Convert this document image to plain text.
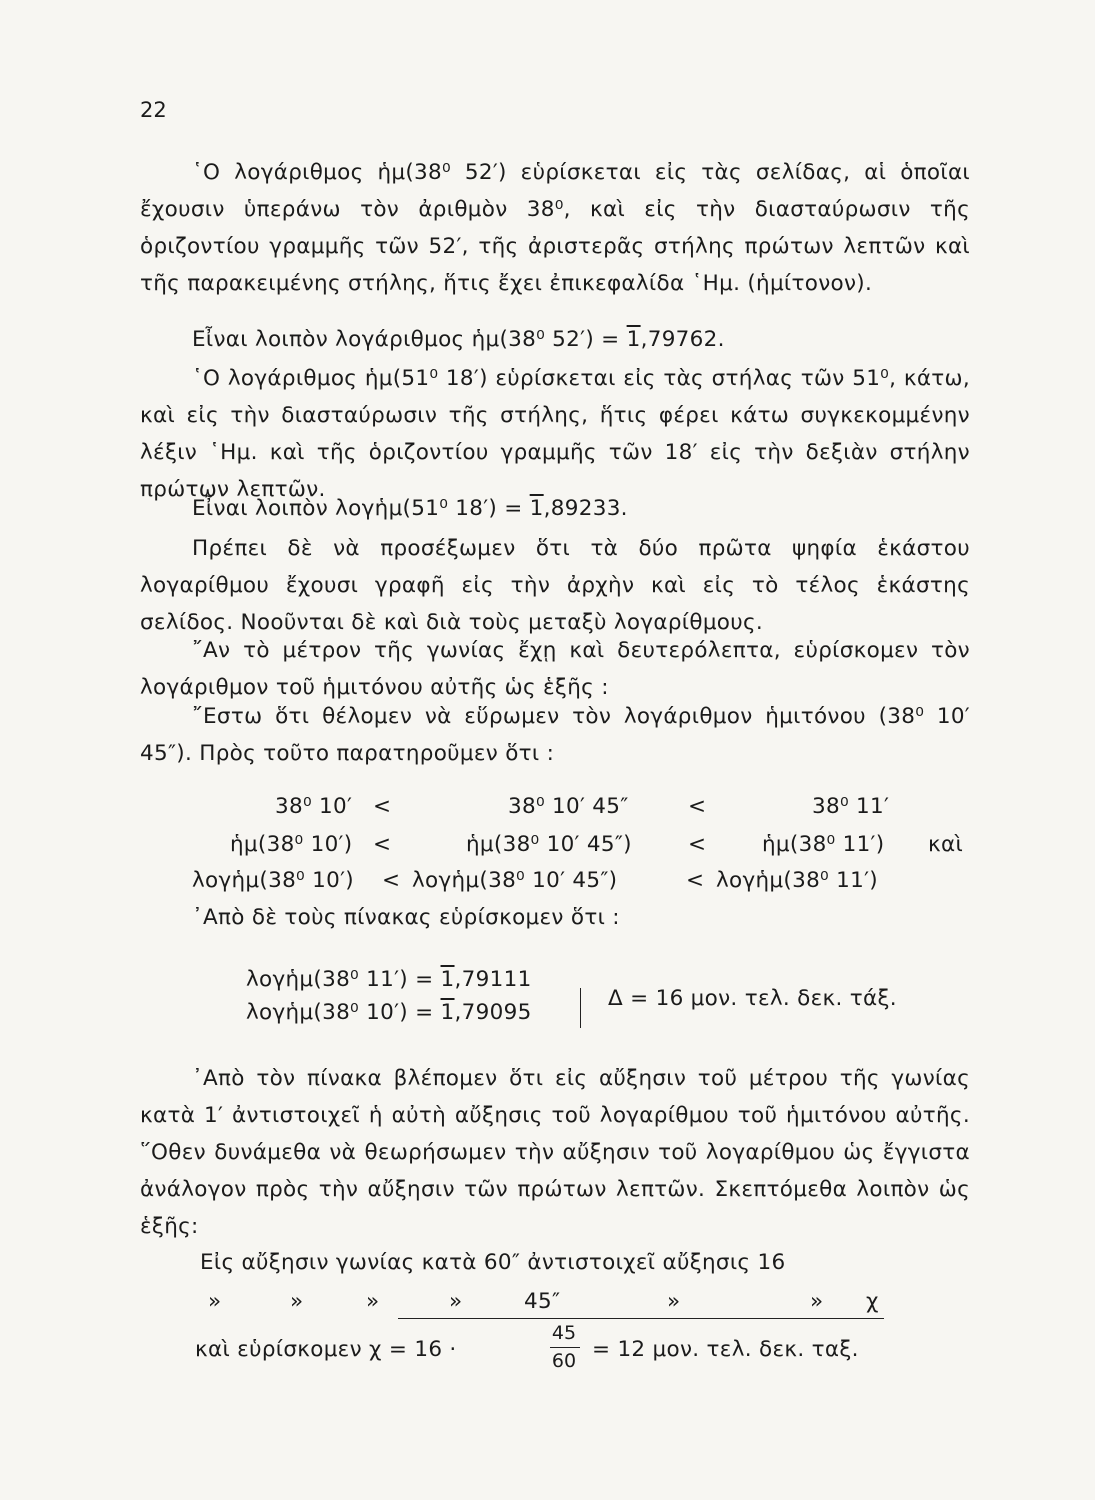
22

῾Ο λογάριθμος ἡμ(38⁰ 52′) εὑρίσκεται εἰς τὰς σελίδας, αἱ ὁποῖαι ἔχουσιν ὑπεράνω τὸν ἀριθμὸν 38⁰, καὶ εἰς τὴν διασταύρωσιν τῆς ὁριζοντίου γραμμῆς τῶν 52′, τῆς ἀριστερᾶς στήλης πρώτων λεπτῶν καὶ τῆς παρακειμένης στήλης, ἥτις ἔχει ἐπικεφαλίδα ῾Ημ. (ἡμίτονον).

Εἶναι λοιπὸν λογάριθμος ἡμ(38⁰ 52′) = 1,79762.

῾Ο λογάριθμος ἡμ(51⁰ 18′) εὑρίσκεται εἰς τὰς στήλας τῶν 51⁰, κάτω, καὶ εἰς τὴν διασταύρωσιν τῆς στήλης, ἥτις φέρει κάτω συγκεκομμένην λέξιν ῾Ημ. καὶ τῆς ὁριζοντίου γραμμῆς τῶν 18′ εἰς τὴν δεξιὰν στήλην πρώτων λεπτῶν.

Εἶναι λοιπὸν λογἡμ(51⁰ 18′) = 1,89233.

Πρέπει δὲ νὰ προσέξωμεν ὅτι τὰ δύο πρῶτα ψηφία ἑκάστου λογαρίθμου ἔχουσι γραφῆ εἰς τὴν ἀρχὴν καὶ εἰς τὸ τέλος ἑκάστης σελίδος. Νοοῦνται δὲ καὶ διὰ τοὺς μεταξὺ λογαρίθμους.

῎Αν τὸ μέτρον τῆς γωνίας ἔχῃ καὶ δευτερόλεπτα, εὑρίσκομεν τὸν λογάριθμον τοῦ ἡμιτόνου αὐτῆς ὡς ἑξῆς :

῎Εστω ὅτι θέλομεν νὰ εὕρωμεν τὸν λογάριθμον ἡμιτόνου (38⁰ 10′ 45″). Πρὸς τοῦτο παρατηροῦμεν ὅτι :

38⁰ 10′ <	38⁰ 10′ 45″	<	38⁰ 11′
ἡμ(38⁰ 10′) <	ἡμ(38⁰ 10′ 45″)	<	ἡμ(38⁰ 11′) καὶ
λογἡμ(38⁰ 10′) < λογἡμ(38⁰ 10′ 45″)	< λογἡμ(38⁰ 11′)
᾿Απὸ δὲ τοὺς πίνακας εὑρίσκομεν ὅτι :
λογἡμ(38⁰ 11′) = 1,79111
λογἡμ(38⁰ 10′) = 1,79095
Δ = 16 μον. τελ. δεκ. τάξ.

᾿Απὸ τὸν πίνακα βλέπομεν ὅτι εἰς αὔξησιν τοῦ μέτρου τῆς γωνίας κατὰ 1′ ἀντιστοιχεῖ ἡ αὐτὴ αὔξησις τοῦ λογαρίθμου τοῦ ἡμιτόνου αὐτῆς. ῞Οθεν δυνάμεθα νὰ θεωρήσωμεν τὴν αὔξησιν τοῦ λογαρίθμου ὡς ἔγγιστα ἀνάλογον πρὸς τὴν αὔξησιν τῶν πρώτων λεπτῶν. Σκεπτόμεθα λοιπὸν ὡς ἑξῆς:

Εἰς αὔξησιν γωνίας κατὰ 60″ ἀντιστοιχεῖ αὔξησις 16
»	»	»	»	45″	»	» χ
καὶ εὑρίσκομεν χ = 16 ·
45
60 = 12 μον. τελ. δεκ. ταξ.
